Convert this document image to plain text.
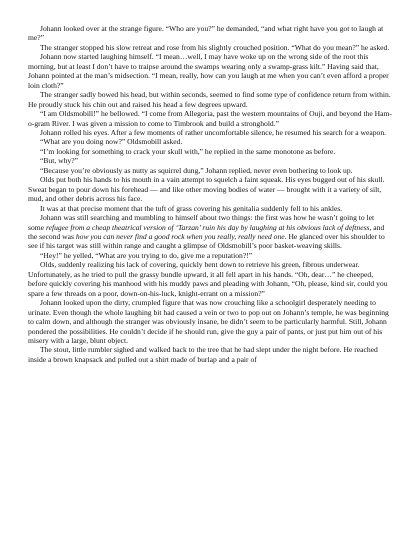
Johann looked over at the strange figure. “Who are you?” he demanded, “and what right have you got to laugh at me?”

The stranger stopped his slow retreat and rose from his slightly crouched position. “What do you mean?” he asked.

Johann now started laughing himself. “I mean…well, I may have woke up on the wrong side of the root this morning, but at least I don’t have to traipse around the swamps wearing only a swamp-grass kilt.” Having said that, Johann pointed at the man’s midsection. “I mean, really, how can you laugh at me when you can’t even afford a proper loin cloth?”

The stranger sadly bowed his head, but within seconds, seemed to find some type of confidence return from within. He proudly stuck his chin out and raised his head a few degrees upward.

“I am Oldsmobill!” he bellowed. “I come from Allegoria, past the western mountains of Ouji, and beyond the Ham-o-gram River. I was given a mission to come to Timbrook and build a stronghold.”

Johann rolled his eyes. After a few moments of rather uncomfortable silence, he resumed his search for a weapon.

“What are you doing now?” Oldsmobill asked.

“I’m looking for something to crack your skull with,” he replied in the same monotone as before.

“But, why?”

“Because you’re obviously as nutty as squirrel dung,” Johann replied, never even bothering to look up.

Olds put both his hands to his mouth in a vain attempt to squelch a faint squeak. His eyes bugged out of his skull. Sweat began to pour down his forehead — and like other moving bodies of water — brought with it a variety of silt, mud, and other debris across his face.

It was at that precise moment that the tuft of grass covering his genitalia suddenly fell to his ankles.

Johann was still searching and mumbling to himself about two things: the first was how he wasn’t going to let some refugee from a cheap theatrical version of ‘Tarzan’ ruin his day by laughing at his obvious lack of deftness, and the second was how you can never find a good rock when you really, really need one. He glanced over his shoulder to see if his target was still within range and caught a glimpse of Oldsmobill’s poor basket-weaving skills.

“Hey!” he yelled, “What are you trying to do, give me a reputation?!”

Olds, suddenly realizing his lack of covering, quickly bent down to retrieve his green, fibrous underwear. Unfortunately, as he tried to pull the grassy bundle upward, it all fell apart in his hands. “Oh, dear…” he cheeped, before quickly covering his manhood with his muddy paws and pleading with Johann, “Oh, please, kind sir, could you spare a few threads on a poor, down-on-his-luck, knight-errant on a mission?”

Johann looked upon the dirty, crumpled figure that was now crouching like a schoolgirl desperately needing to urinate. Even though the whole laughing bit had caused a vein or two to pop out on Johann’s temple, he was beginning to calm down, and although the stranger was obviously insane, he didn’t seem to be particularly harmful. Still, Johann pondered the possibilities. He couldn’t decide if he should run, give the guy a pair of pants, or just put him out of his misery with a large, blunt object.

The stout, little rumbler sighed and walked back to the tree that he had slept under the night before. He reached inside a brown knapsack and pulled out a shirt made of burlap and a pair of
